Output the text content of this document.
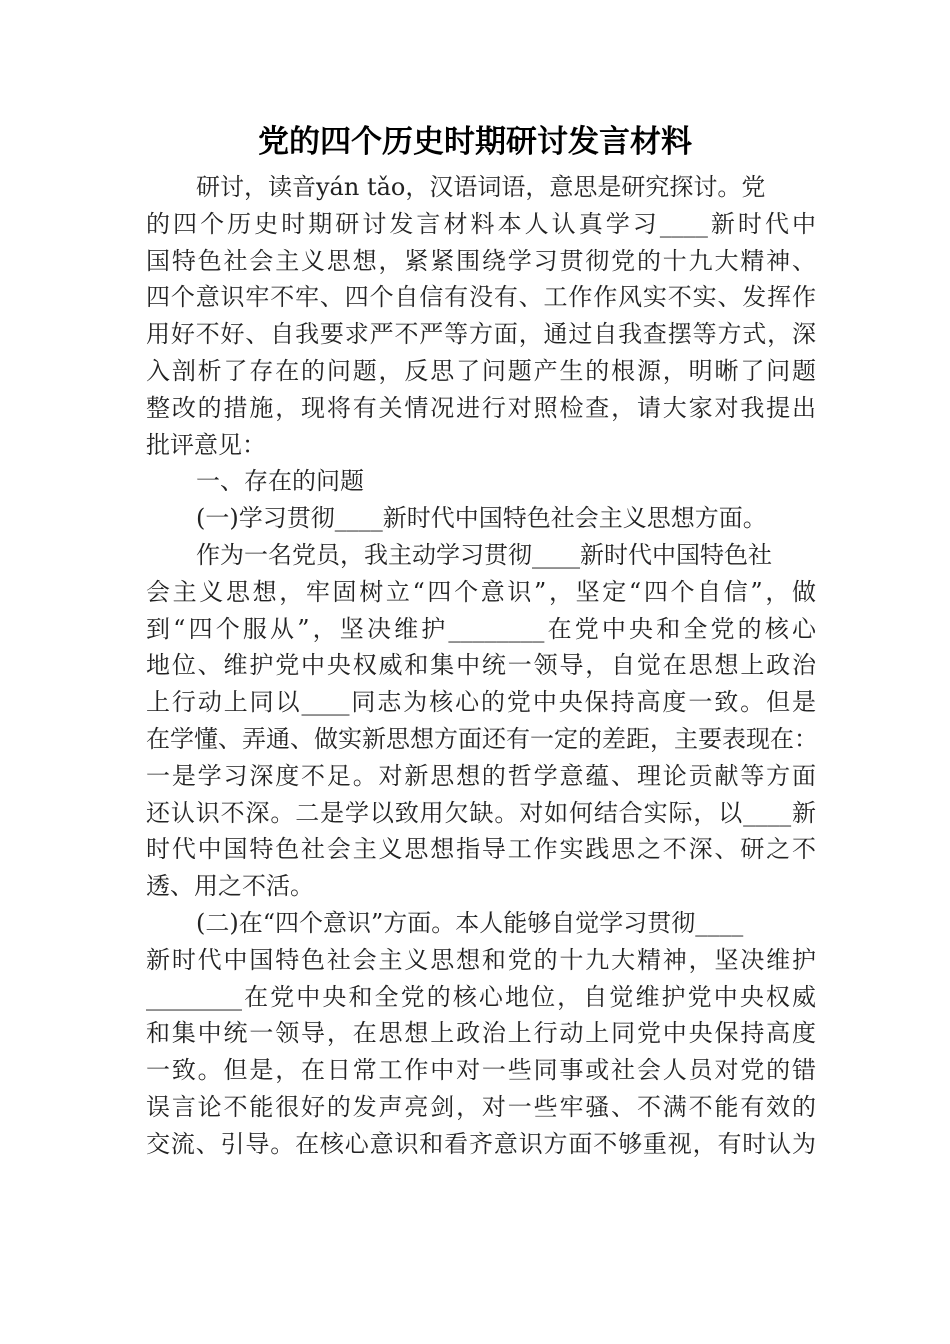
党的四个历史时期研讨发言材料
研讨，读音yán tǎo，汉语词语，意思是研究探讨。党
的四个历史时期研讨发言材料本人认真学习____新时代中
国特色社会主义思想，紧紧围绕学习贯彻党的十九大精神、
四个意识牢不牢、四个自信有没有、工作作风实不实、发挥作
用好不好、自我要求严不严等方面，通过自我查摆等方式，深
入剖析了存在的问题，反思了问题产生的根源，明晰了问题
整改的措施，现将有关情况进行对照检查，请大家对我提出
批评意见：
一、存在的问题
(一)学习贯彻____新时代中国特色社会主义思想方面。
作为一名党员，我主动学习贯彻____新时代中国特色社
会主义思想，牢固树立“四个意识”，坚定“四个自信”，做
到“四个服从”，坚决维护________在党中央和全党的核心
地位、维护党中央权威和集中统一领导，自觉在思想上政治
上行动上同以____同志为核心的党中央保持高度一致。但是
在学懂、弄通、做实新思想方面还有一定的差距，主要表现在：
一是学习深度不足。对新思想的哲学意蕴、理论贡献等方面
还认识不深。二是学以致用欠缺。对如何结合实际，以____新
时代中国特色社会主义思想指导工作实践思之不深、研之不
透、用之不活。
(二)在“四个意识”方面。本人能够自觉学习贯彻____
新时代中国特色社会主义思想和党的十九大精神，坚决维护
________在党中央和全党的核心地位，自觉维护党中央权威
和集中统一领导，在思想上政治上行动上同党中央保持高度
一致。但是，在日常工作中对一些同事或社会人员对党的错
误言论不能很好的发声亮剑，对一些牢骚、不满不能有效的
交流、引导。在核心意识和看齐意识方面不够重视，有时认为
